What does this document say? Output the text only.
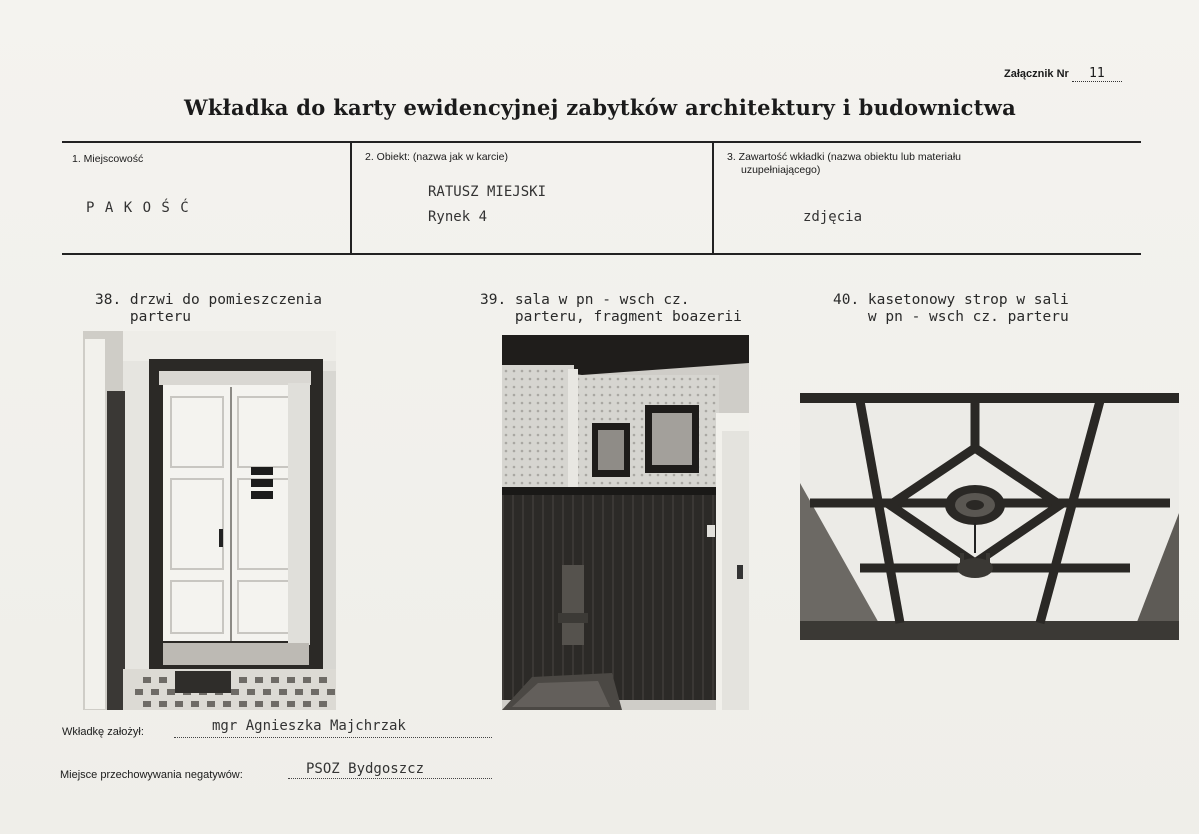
Załącznik Nr 11
Wkładka do karty ewidencyjnej zabytków architektury i budownictwa
1. Miejscowość
P A K O Ś Ć
2. Obiekt: (nazwa jak w karcie)
RATUSZ MIEJSKI
Rynek 4
3. Zawartość wkładki (nazwa obiektu lub materiału
uzupełniającego)
zdjęcia
38. drzwi do pomieszczenia
parteru
39. sala w pn - wsch cz.
parteru, fragment boazerii
40. kasetonowy strop w sali
w pn - wsch cz. parteru
Wkładkę założył:	mgr Agnieszka Majchrzak
Miejsce przechowywania negatywów:	PSOZ Bydgoszcz
